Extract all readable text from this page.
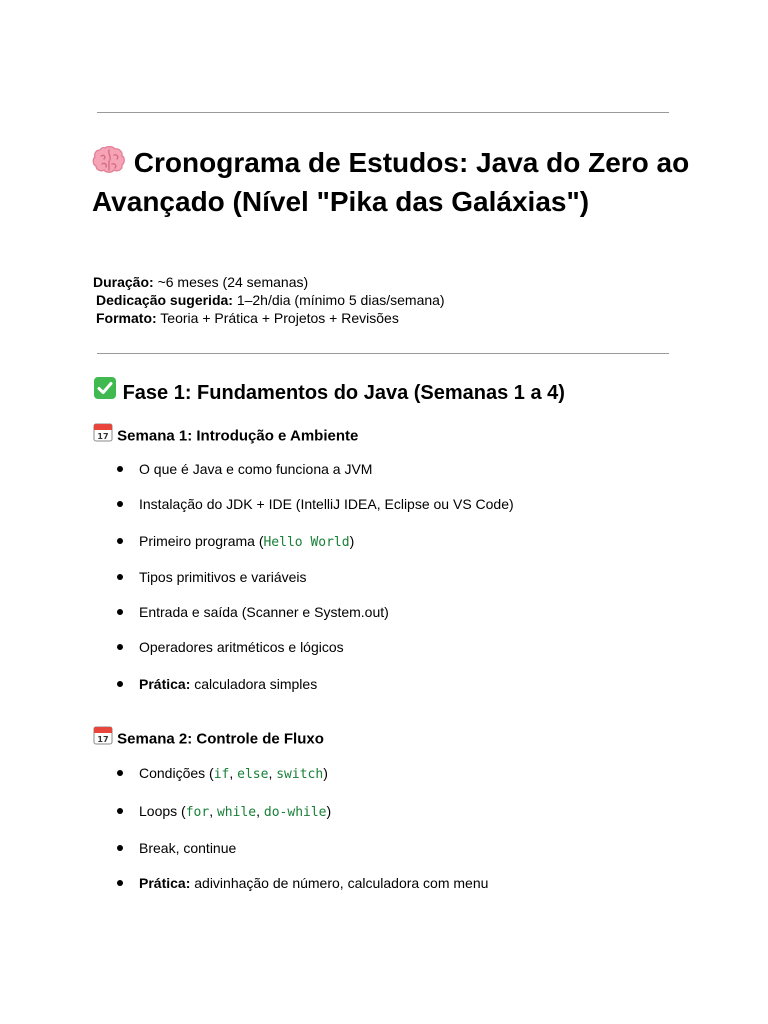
Cronograma de Estudos: Java do Zero ao Avançado (Nível "Pika das Galáxias")
Duração: ~6 meses (24 semanas)
Dedicação sugerida: 1–2h/dia (mínimo 5 dias/semana)
Formato: Teoria + Prática + Projetos + Revisões
Fase 1: Fundamentos do Java (Semanas 1 a 4)
17 Semana 1: Introdução e Ambiente
O que é Java e como funciona a JVM
Instalação do JDK + IDE (IntelliJ IDEA, Eclipse ou VS Code)
Primeiro programa (Hello World)
Tipos primitivos e variáveis
Entrada e saída (Scanner e System.out)
Operadores aritméticos e lógicos
Prática: calculadora simples
17 Semana 2: Controle de Fluxo
Condições (if, else, switch)
Loops (for, while, do-while)
Break, continue
Prática: adivinhação de número, calculadora com menu
